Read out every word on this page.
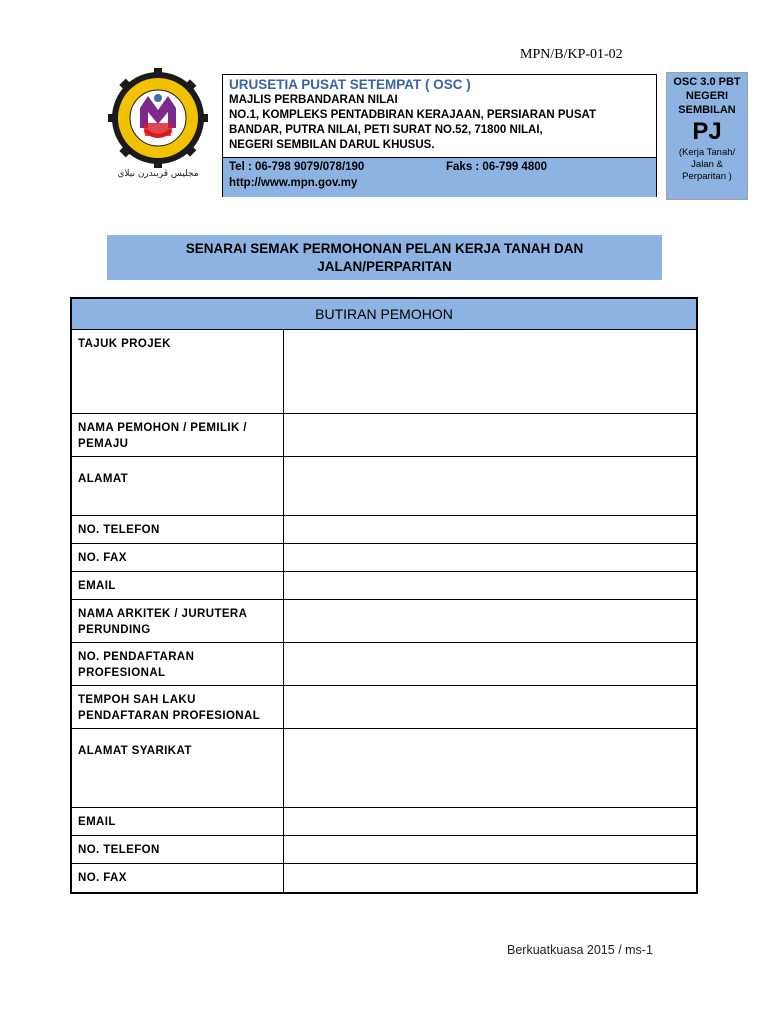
MPN/B/KP-01-02
مجليس ڤربندرن نيلاي
URUSETIA PUSAT SETEMPAT ( OSC )
MAJLIS PERBANDARAN NILAI
NO.1, KOMPLEKS PENTADBIRAN KERAJAAN, PERSIARAN PUSAT
BANDAR, PUTRA NILAI, PETI SURAT NO.52, 71800 NILAI,
NEGERI SEMBILAN DARUL KHUSUS.
Tel : 06-798 9079/078/190	Faks : 06-799 4800
http://www.mpn.gov.my
OSC 3.0 PBT
NEGERI
SEMBILAN
PJ
(Kerja Tanah/
Jalan &
Perparitan )
SENARAI SEMAK PERMOHONAN PELAN KERJA TANAH DAN
JALAN/PERPARITAN
BUTIRAN PEMOHON	

TAJUK PROJEK	

NAMA PEMOHON / PEMILIK /
PEMAJU	

ALAMAT	

NO. TELEFON	

NO. FAX	

EMAIL	

NAMA ARKITEK / JURUTERA
PERUNDING	

NO. PENDAFTARAN
PROFESIONAL	

TEMPOH SAH LAKU
PENDAFTARAN PROFESIONAL	

ALAMAT SYARIKAT	

EMAIL	

NO. TELEFON	

NO. FAX	

Berkuatkuasa 2015 / ms-1
